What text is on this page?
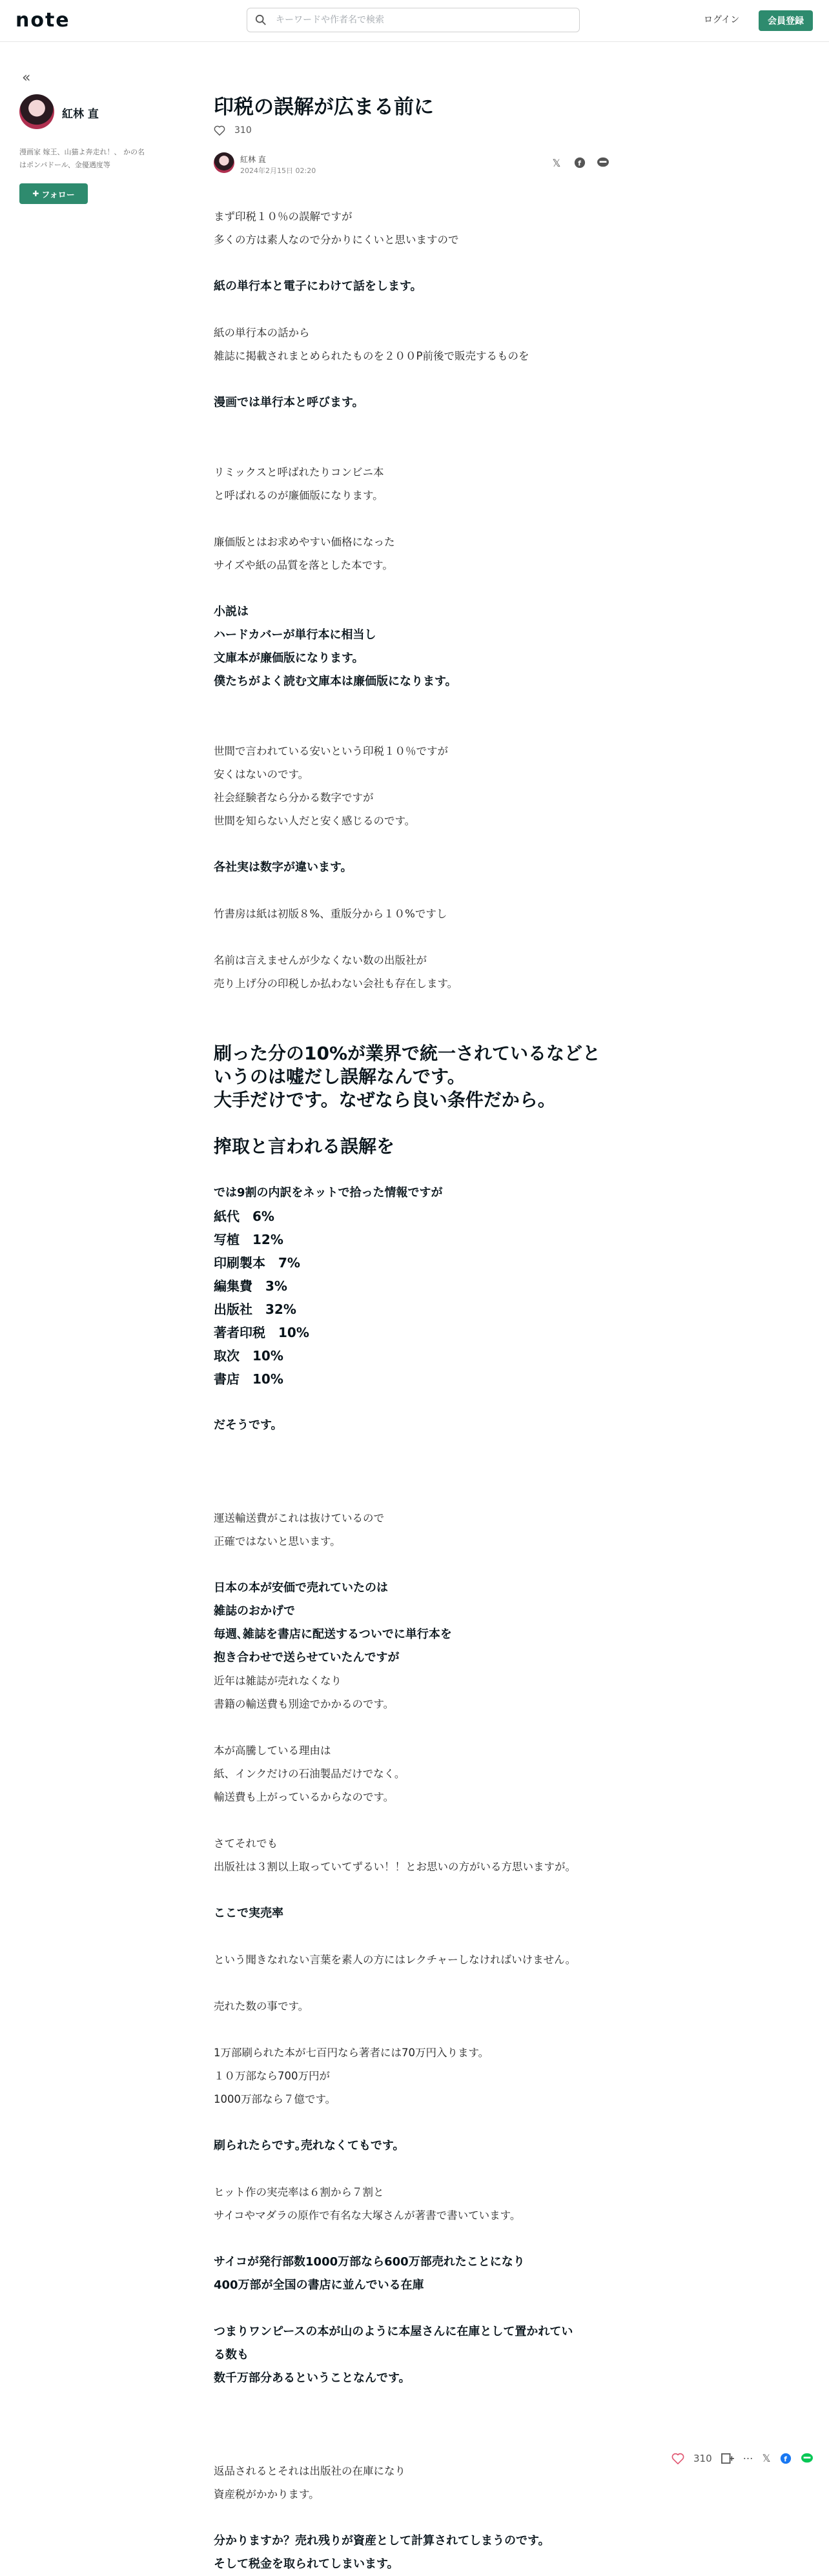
note
キーワードや作者名で検索	ログイン	会員登録
«
紅林 直
漫画家 嫁王、山猫よ奔走れ！、 かの名はポンパドール、金優遇度等
✚ フォロー
印税の誤解が広まる前に
310
紅林 直
2024年2月15日 02:20
𝕏 f
まず印税１０％の誤解ですが
多くの方は素人なので分かりにくいと思いますので
紙の単行本と電子にわけて話をします。
紙の単行本の話から
雑誌に掲載されまとめられたものを２００P前後で販売するものを
漫画では単行本と呼びます。
リミックスと呼ばれたりコンビニ本
と呼ばれるのが廉価版になります。
廉価版とはお求めやすい価格になった
サイズや紙の品質を落とした本です。
小説は
ハードカバーが単行本に相当し
文庫本が廉価版になります。
僕たちがよく読む文庫本は廉価版になります。
世間で言われている安いという印税１０％ですが
安くはないのです。
社会経験者なら分かる数字ですが
世間を知らない人だと安く感じるのです。
各社実は数字が違います。
竹書房は紙は初版８%、重版分から１０%ですし
名前は言えませんが少なくない数の出版社が
売り上げ分の印税しか払わない会社も存在します。
刷った分の10%が業界で統一されているなどと
いうのは嘘だし誤解なんです。
大手だけです。なぜなら良い条件だから。
搾取と言われる誤解を
では9割の内訳をネットで拾った情報ですが
紙代　6%
写植　12%
印刷製本　7%
編集費　3%
出版社　32%
著者印税　10%
取次　10%
書店　10%
だそうです。
運送輸送費がこれは抜けているので
正確ではないと思います。
日本の本が安価で売れていたのは
雑誌のおかげで
毎週､雑誌を書店に配送するついでに単行本を
抱き合わせで送らせていたんですが
近年は雑誌が売れなくなり
書籍の輸送費も別途でかかるのです。
本が高騰している理由は
紙、インクだけの石油製品だけでなく。
輸送費も上がっているからなのです。
さてそれでも
出版社は３割以上取っていてずるい！！とお思いの方がいる方思いますが。
ここで実売率
という聞きなれない言葉を素人の方にはレクチャーしなければいけません。
売れた数の事です。
1万部刷られた本が七百円なら著者には70万円入ります。
１０万部なら700万円が
1000万部なら７億です。
刷られたらです｡売れなくてもです。
ヒット作の実売率は６割から７割と
サイコやマダラの原作で有名な大塚さんが著書で書いています。
サイコが発行部数1000万部なら600万部売れたことになり
400万部が全国の書店に並んでいる在庫
つまりワンピースの本が山のように本屋さんに在庫として置かれてい
る数も
数千万部分あるということなんです。
返品されるとそれは出版社の在庫になり
資産税がかかります。
分かりますか？売れ残りが資産として計算されてしまうのです。
そして税金を取られてしまいます。
310	⋯ 𝕏 f
